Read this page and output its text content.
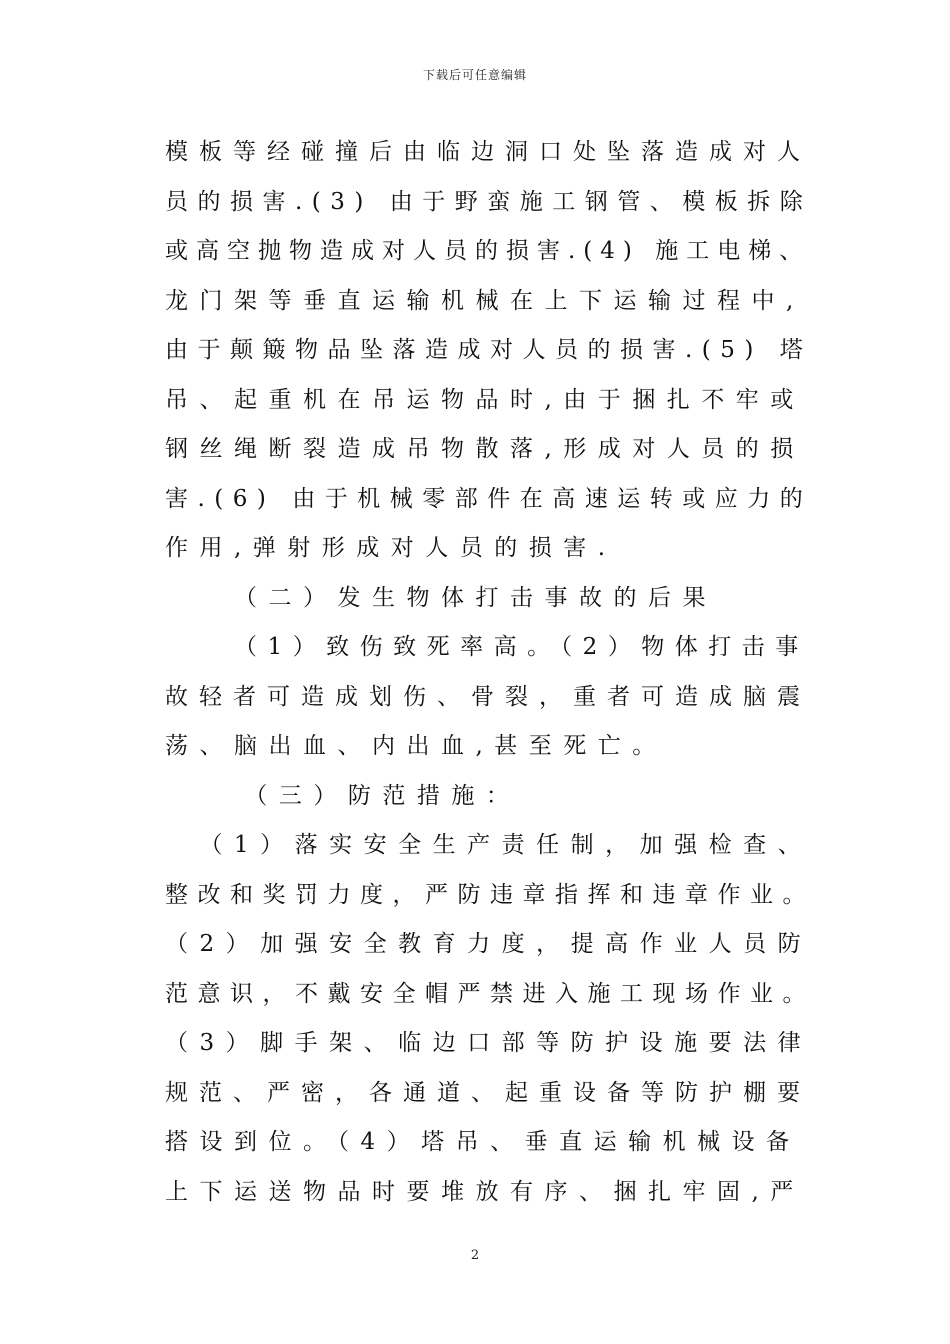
下载后可任意编辑
模板等经碰撞后由临边洞口处坠落造成对人
员的损害.(3) 由于野蛮施工钢管、模板拆除
或高空抛物造成对人员的损害.(4) 施工电梯、
龙门架等垂直运输机械在上下运输过程中,
由于颠簸物品坠落造成对人员的损害.(5) 塔
吊、起重机在吊运物品时,由于捆扎不牢或
钢丝绳断裂造成吊物散落,形成对人员的损
害.(6) 由于机械零部件在高速运转或应力的
作用,弹射形成对人员的损害.
（二）发生物体打击事故的后果
（1）致伤致死率高。（2）物体打击事
故轻者可造成划伤、骨裂，重者可造成脑震
荡、脑出血、内出血,甚至死亡。
（三）防范措施：
（1）落实安全生产责任制，加强检查、
整改和奖罚力度，严防违章指挥和违章作业。
（2）加强安全教育力度，提高作业人员防
范意识，不戴安全帽严禁进入施工现场作业。
（3）脚手架、临边口部等防护设施要法律
规范、严密，各通道、起重设备等防护棚要
搭设到位。（4）塔吊、垂直运输机械设备
上下运送物品时要堆放有序、捆扎牢固,严
2
